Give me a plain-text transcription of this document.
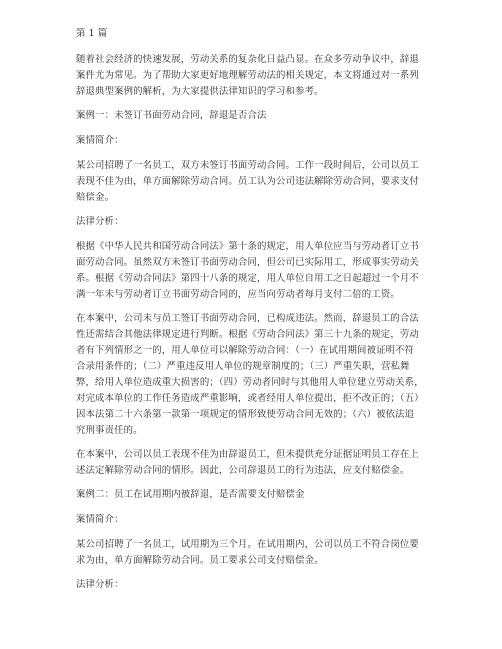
第 1 篇
随着社会经济的快速发展，劳动关系的复杂化日益凸显。在众多劳动争议中，辞退
案件尤为常见。为了帮助大家更好地理解劳动法的相关规定，本文将通过对一系列
辞退典型案例的解析，为大家提供法律知识的学习和参考。
案例一：未签订书面劳动合同，辞退是否合法
案情简介：
某公司招聘了一名员工，双方未签订书面劳动合同。工作一段时间后，公司以员工
表现不佳为由，单方面解除劳动合同。员工认为公司违法解除劳动合同，要求支付
赔偿金。
法律分析：
根据《中华人民共和国劳动合同法》第十条的规定，用人单位应当与劳动者订立书
面劳动合同。虽然双方未签订书面劳动合同，但公司已实际用工，形成事实劳动关
系。根据《劳动合同法》第四十八条的规定，用人单位自用工之日起超过一个月不
满一年未与劳动者订立书面劳动合同的，应当向劳动者每月支付二倍的工资。
在本案中，公司未与员工签订书面劳动合同，已构成违法。然而，辞退员工的合法
性还需结合其他法律规定进行判断。根据《劳动合同法》第三十九条的规定，劳动
者有下列情形之一的，用人单位可以解除劳动合同：（一）在试用期间被证明不符
合录用条件的；（二）严重违反用人单位的规章制度的；（三）严重失职，营私舞
弊，给用人单位造成重大损害的；（四）劳动者同时与其他用人单位建立劳动关系，
对完成本单位的工作任务造成严重影响，或者经用人单位提出，拒不改正的；（五）
因本法第二十六条第一款第一项规定的情形致使劳动合同无效的；（六）被依法追
究刑事责任的。
在本案中，公司以员工表现不佳为由辞退员工，但未提供充分证据证明员工存在上
述法定解除劳动合同的情形。因此，公司辞退员工的行为违法，应支付赔偿金。
案例二：员工在试用期内被辞退，是否需要支付赔偿金
案情简介：
某公司招聘了一名员工，试用期为三个月。在试用期内，公司以员工不符合岗位要
求为由，单方面解除劳动合同。员工要求公司支付赔偿金。
法律分析：
